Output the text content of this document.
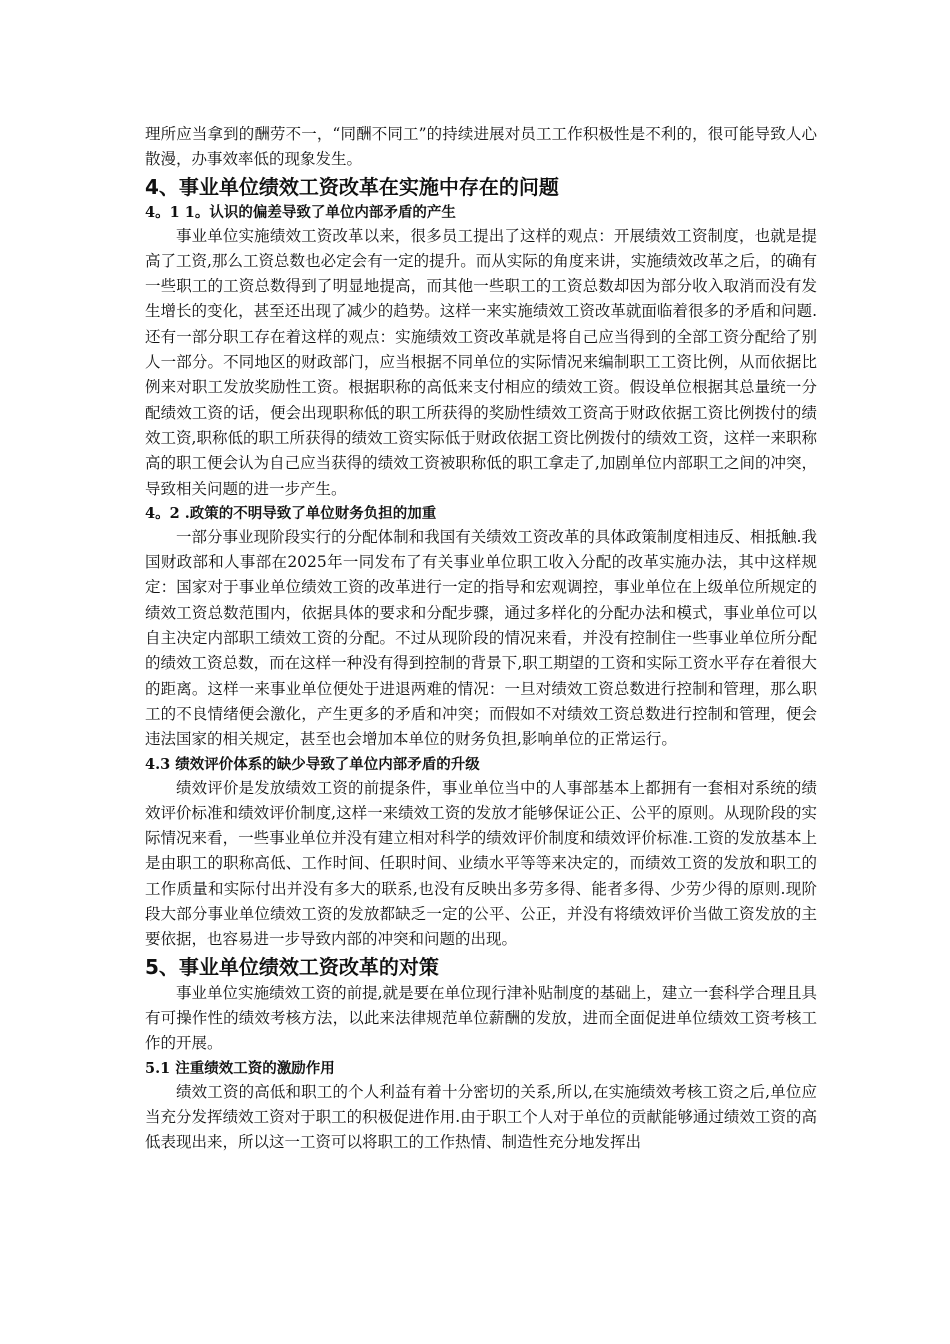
理所应当拿到的酬劳不一，“同酬不同工”的持续进展对员工工作积极性是不利的，很可能导致人心散漫，办事效率低的现象发生。

4、事业单位绩效工资改革在实施中存在的问题
4。1 1。认识的偏差导致了单位内部矛盾的产生

事业单位实施绩效工资改革以来，很多员工提出了这样的观点：开展绩效工资制度，也就是提高了工资,那么工资总数也必定会有一定的提升。而从实际的角度来讲，实施绩效改革之后，的确有一些职工的工资总数得到了明显地提高，而其他一些职工的工资总数却因为部分收入取消而没有发生增长的变化，甚至还出现了减少的趋势。这样一来实施绩效工资改革就面临着很多的矛盾和问题.还有一部分职工存在着这样的观点：实施绩效工资改革就是将自己应当得到的全部工资分配给了别人一部分。不同地区的财政部门，应当根据不同单位的实际情况来编制职工工资比例，从而依据比例来对职工发放奖励性工资。根据职称的高低来支付相应的绩效工资。假设单位根据其总量统一分配绩效工资的话，便会出现职称低的职工所获得的奖励性绩效工资高于财政依据工资比例拨付的绩效工资,职称低的职工所获得的绩效工资实际低于财政依据工资比例拨付的绩效工资，这样一来职称高的职工便会认为自己应当获得的绩效工资被职称低的职工拿走了,加剧单位内部职工之间的冲突，导致相关问题的进一步产生。

4。2 .政策的不明导致了单位财务负担的加重

一部分事业现阶段实行的分配体制和我国有关绩效工资改革的具体政策制度相违反、相抵触.我国财政部和人事部在2025年一同发布了有关事业单位职工收入分配的改革实施办法，其中这样规定：国家对于事业单位绩效工资的改革进行一定的指导和宏观调控，事业单位在上级单位所规定的绩效工资总数范围内，依据具体的要求和分配步骤，通过多样化的分配办法和模式，事业单位可以自主决定内部职工绩效工资的分配。不过从现阶段的情况来看，并没有控制住一些事业单位所分配的绩效工资总数，而在这样一种没有得到控制的背景下,职工期望的工资和实际工资水平存在着很大的距离。这样一来事业单位便处于进退两难的情况：一旦对绩效工资总数进行控制和管理，那么职工的不良情绪便会激化，产生更多的矛盾和冲突；而假如不对绩效工资总数进行控制和管理，便会违法国家的相关规定，甚至也会增加本单位的财务负担,影响单位的正常运行。

4.3 绩效评价体系的缺少导致了单位内部矛盾的升级

绩效评价是发放绩效工资的前提条件，事业单位当中的人事部基本上都拥有一套相对系统的绩效评价标准和绩效评价制度,这样一来绩效工资的发放才能够保证公正、公平的原则。从现阶段的实际情况来看，一些事业单位并没有建立相对科学的绩效评价制度和绩效评价标准.工资的发放基本上是由职工的职称高低、工作时间、任职时间、业绩水平等等来决定的，而绩效工资的发放和职工的工作质量和实际付出并没有多大的联系,也没有反映出多劳多得、能者多得、少劳少得的原则.现阶段大部分事业单位绩效工资的发放都缺乏一定的公平、公正，并没有将绩效评价当做工资发放的主要依据，也容易进一步导致内部的冲突和问题的出现。

5、事业单位绩效工资改革的对策

事业单位实施绩效工资的前提,就是要在单位现行津补贴制度的基础上，建立一套科学合理且具有可操作性的绩效考核方法，以此来法律规范单位薪酬的发放，进而全面促进单位绩效工资考核工作的开展。

5.1 注重绩效工资的激励作用

绩效工资的高低和职工的个人利益有着十分密切的关系,所以,在实施绩效考核工资之后,单位应当充分发挥绩效工资对于职工的积极促进作用.由于职工个人对于单位的贡献能够通过绩效工资的高低表现出来，所以这一工资可以将职工的工作热情、制造性充分地发挥出
